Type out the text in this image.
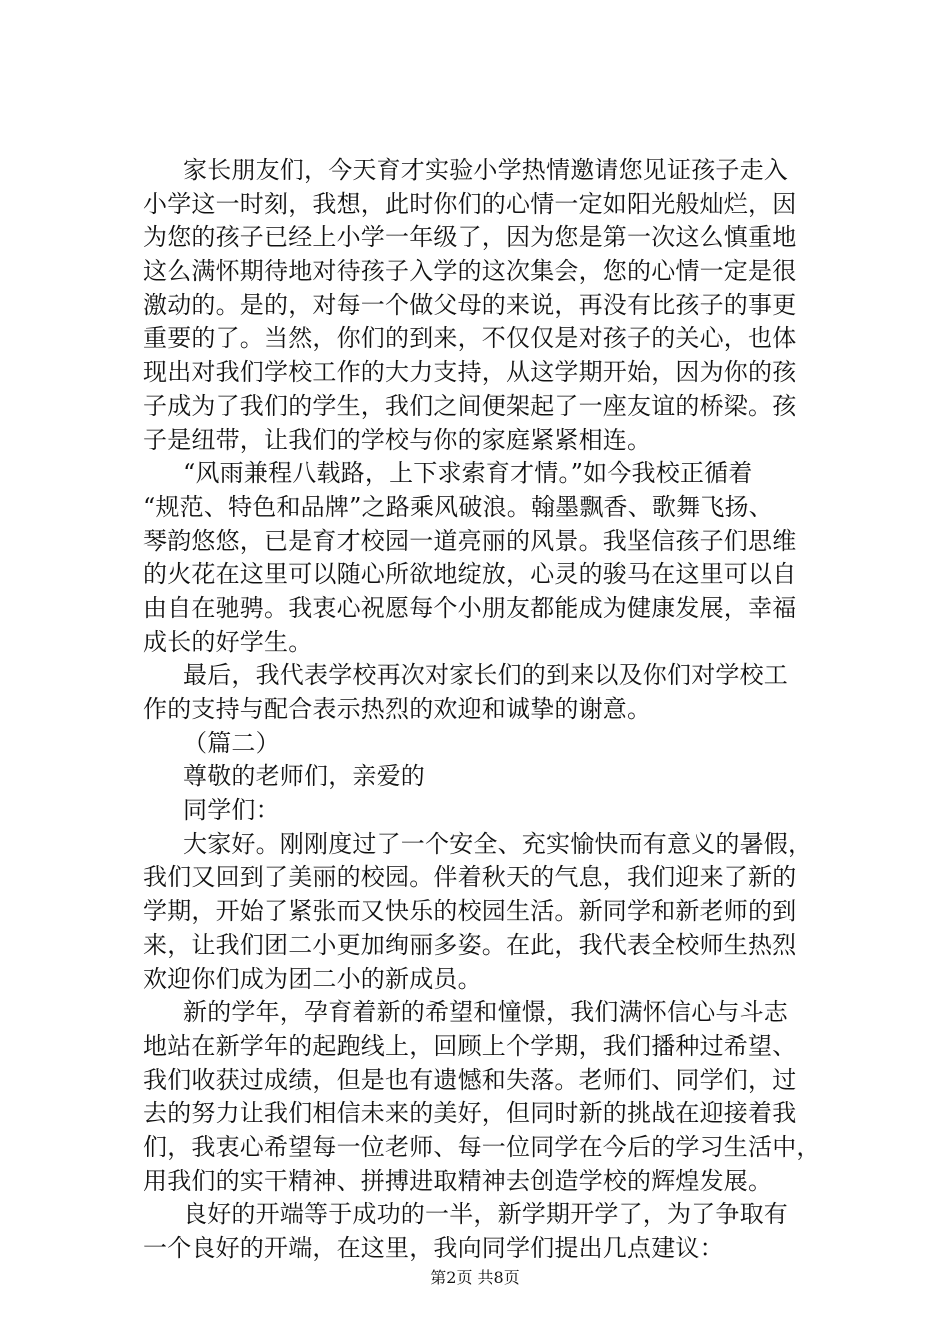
家长朋友们，今天育才实验小学热情邀请您见证孩子走入
小学这一时刻，我想，此时你们的心情一定如阳光般灿烂，因
为您的孩子已经上小学一年级了，因为您是第一次这么慎重地
这么满怀期待地对待孩子入学的这次集会，您的心情一定是很
激动的。是的，对每一个做父母的来说，再没有比孩子的事更
重要的了。当然，你们的到来，不仅仅是对孩子的关心，也体
现出对我们学校工作的大力支持，从这学期开始，因为你的孩
子成为了我们的学生，我们之间便架起了一座友谊的桥梁。孩
子是纽带，让我们的学校与你的家庭紧紧相连。
“风雨兼程八载路，上下求索育才情。”如今我校正循着
“规范、特色和品牌”之路乘风破浪。翰墨飘香、歌舞飞扬、
琴韵悠悠，已是育才校园一道亮丽的风景。我坚信孩子们思维
的火花在这里可以随心所欲地绽放，心灵的骏马在这里可以自
由自在驰骋。我衷心祝愿每个小朋友都能成为健康发展，幸福
成长的好学生。
最后，我代表学校再次对家长们的到来以及你们对学校工
作的支持与配合表示热烈的欢迎和诚挚的谢意。
（篇二）
尊敬的老师们，亲爱的
同学们：
大家好。刚刚度过了一个安全、充实愉快而有意义的暑假，
我们又回到了美丽的校园。伴着秋天的气息，我们迎来了新的
学期，开始了紧张而又快乐的校园生活。新同学和新老师的到
来，让我们团二小更加绚丽多姿。在此，我代表全校师生热烈
欢迎你们成为团二小的新成员。
新的学年，孕育着新的希望和憧憬，我们满怀信心与斗志
地站在新学年的起跑线上，回顾上个学期，我们播种过希望、
我们收获过成绩，但是也有遗憾和失落。老师们、同学们，过
去的努力让我们相信未来的美好，但同时新的挑战在迎接着我
们，我衷心希望每一位老师、每一位同学在今后的学习生活中，
用我们的实干精神、拼搏进取精神去创造学校的辉煌发展。
良好的开端等于成功的一半，新学期开学了，为了争取有
一个良好的开端，在这里，我向同学们提出几点建议：
第2页 共8页
